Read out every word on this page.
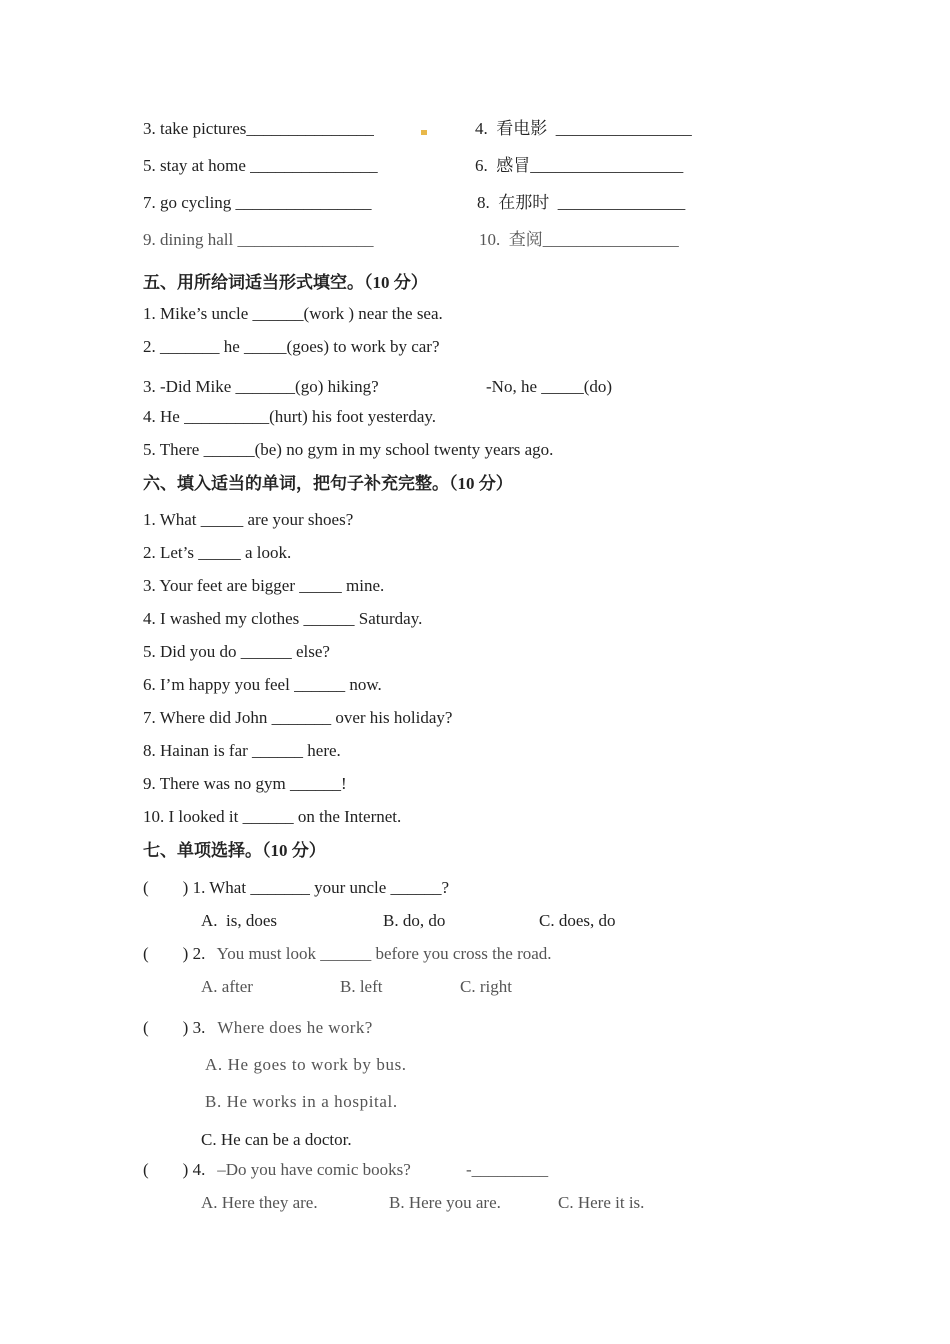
3. take pictures_______________	4.  看电影  ________________
5. stay at home _______________	6.  感冒__________________
7. go cycling ________________	8.  在那时  _______________
9. dining hall ________________	10.  查阅________________
五、用所给词适当形式填空。（10 分）
1. Mike’s uncle ______(work ) near the sea.
2. _______ he _____(goes) to work by car?
3. -Did Mike _______(go) hiking?	-No, he _____(do)
4. He __________(hurt) his foot yesterday.
5. There ______(be) no gym in my school twenty years ago.
六、填入适当的单词，把句子补充完整。（10 分）
1. What _____ are your shoes?
2. Let’s _____ a look.
3. Your feet are bigger _____ mine.
4. I washed my clothes ______ Saturday.
5. Did you do ______ else?
6. I’m happy you feel ______ now.
7. Where did John _______ over his holiday?
8. Hainan is far ______ here.
9. There was no gym ______!
10. I looked it ______ on the Internet.
七、单项选择。（10 分）
(        ) 1. What _______ your uncle ______?
A.  is, does	B. do, do	C. does, do
(        ) 2. You must look ______ before you cross the road.
A. after	B. left	C. right
(        ) 3. Where does he work?
A. He goes to work by bus.
B. He works in a hospital.
C. He can be a doctor.
(        ) 4. –Do you have comic books?	-_________
A. Here they are.	B. Here you are.	C. Here it is.
